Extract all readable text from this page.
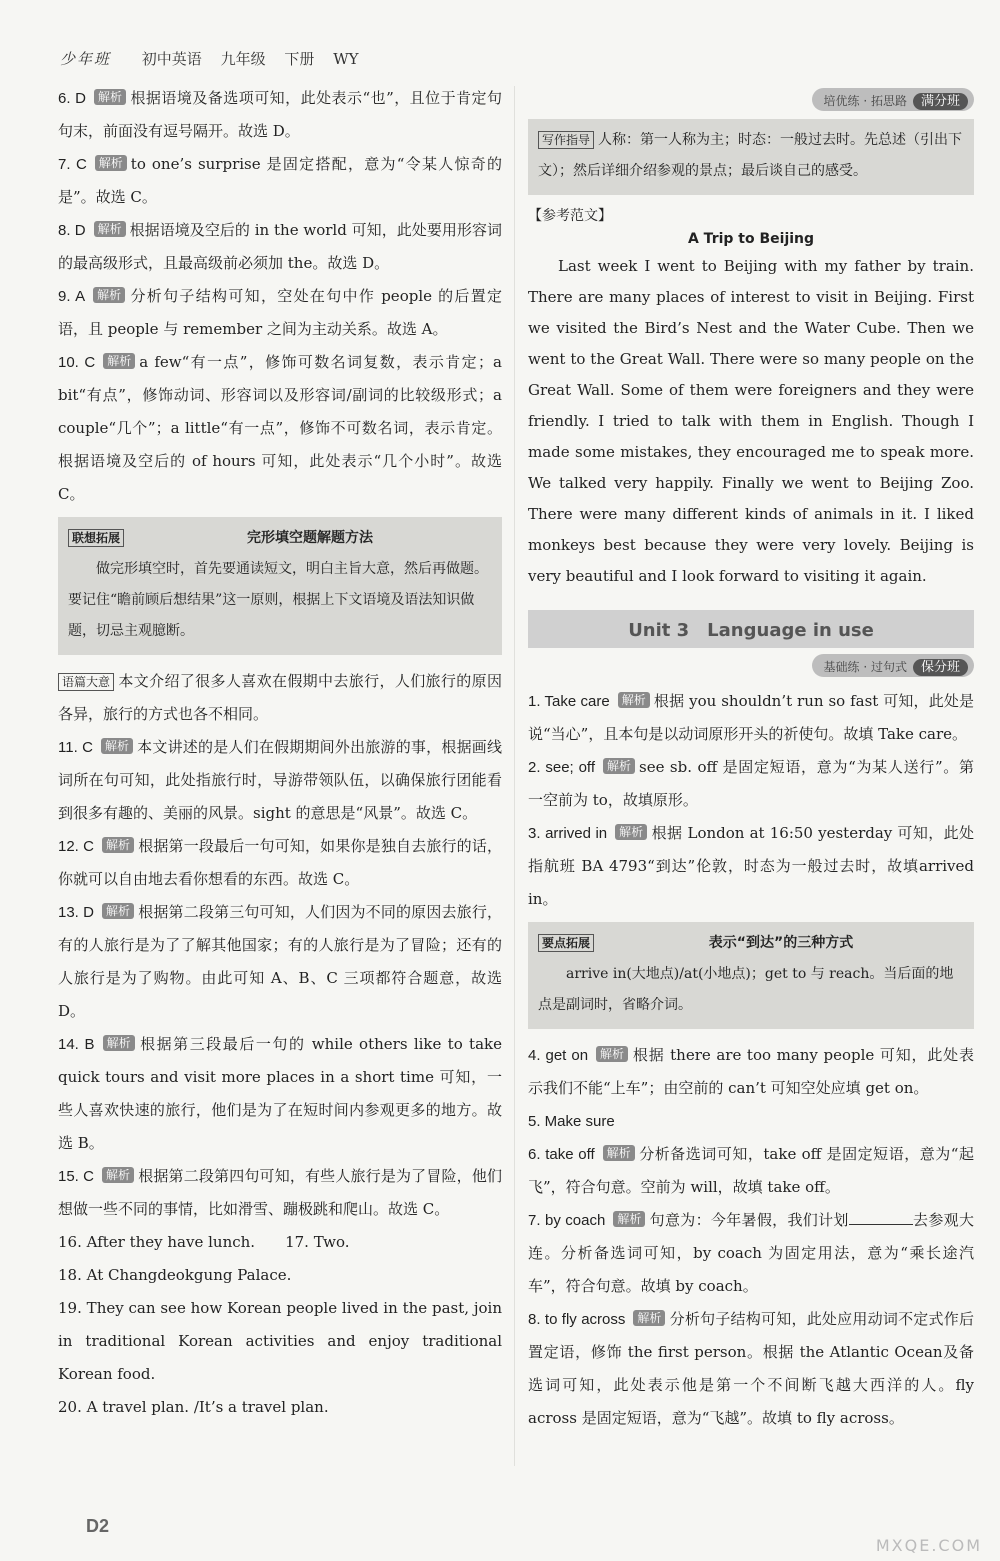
少年班 初中英语 九年级 下册 WY
6. D 解析 根据语境及备选项可知，此处表示“也”，且位于肯定句句末，前面没有逗号隔开。故选 D。
7. C 解析 to one’s surprise 是固定搭配，意为“令某人惊奇的是”。故选 C。
8. D 解析 根据语境及空后的 in the world 可知，此处要用形容词的最高级形式，且最高级前必须加 the。故选 D。
9. A 解析 分析句子结构可知，空处在句中作 people 的后置定语，且 people 与 remember 之间为主动关系。故选 A。
10. C 解析 a few“有一点”，修饰可数名词复数，表示肯定；a bit“有点”，修饰动词、形容词以及形容词/副词的比较级形式；a couple“几个”；a little“有一点”，修饰不可数名词，表示肯定。根据语境及空后的 of hours 可知，此处表示“几个小时”。故选 C。
联想拓展	完形填空题解题方法

做完形填空时，首先要通读短文，明白主旨大意，然后再做题。要记住“瞻前顾后想结果”这一原则，根据上下文语境及语法知识做题，切忌主观臆断。

语篇大意 本文介绍了很多人喜欢在假期中去旅行，人们旅行的原因各异，旅行的方式也各不相同。
11. C 解析 本文讲述的是人们在假期期间外出旅游的事，根据画线词所在句可知，此处指旅行时，导游带领队伍，以确保旅行团能看到很多有趣的、美丽的风景。sight 的意思是“风景”。故选 C。
12. C 解析 根据第一段最后一句可知，如果你是独自去旅行的话，你就可以自由地去看你想看的东西。故选 C。
13. D 解析 根据第二段第三句可知，人们因为不同的原因去旅行，有的人旅行是为了了解其他国家；有的人旅行是为了冒险；还有的人旅行是为了购物。由此可知 A、B、C 三项都符合题意，故选 D。
14. B 解析 根据第三段最后一句的 while others like to take quick tours and visit more places in a short time 可知，一些人喜欢快速的旅行，他们是为了在短时间内参观更多的地方。故选 B。
15. C 解析 根据第二段第四句可知，有些人旅行是为了冒险，他们想做一些不同的事情，比如滑雪、蹦极跳和爬山。故选 C。
16. After they have lunch.　　17. Two.
18. At Changdeokgung Palace.
19. They can see how Korean people lived in the past, join in traditional Korean activities and enjoy traditional Korean food.
20. A travel plan. /It’s a travel plan.
培优练 · 拓思路 满分班
写作指导 人称：第一人称为主；时态：一般过去时。先总述（引出下文）；然后详细介绍参观的景点；最后谈自己的感受。
【参考范文】
A Trip to Beijing

Last week I went to Beijing with my father by train. There are many places of interest to visit in Beijing. First we visited the Bird’s Nest and the Water Cube. Then we went to the Great Wall. There were so many people on the Great Wall. Some of them were foreigners and they were friendly. I tried to talk with them in English. Though I made some mistakes, they encouraged me to speak more. We talked very happily. Finally we went to Beijing Zoo. There were many different kinds of animals in it. I liked monkeys best because they were very lovely. Beijing is very beautiful and I look forward to visiting it again.

Unit 3　Language in use
基础练 · 过句式 保分班
1. Take care 解析 根据 you shouldn’t run so fast 可知，此处是说“当心”，且本句是以动词原形开头的祈使句。故填 Take care。
2. see; off 解析 see sb. off 是固定短语，意为“为某人送行”。第一空前为 to，故填原形。
3. arrived in 解析 根据 London at 16:50 yesterday 可知，此处指航班 BA 4793“到达”伦敦，时态为一般过去时，故填arrived in。
要点拓展	表示“到达”的三种方式

arrive in(大地点)/at(小地点)；get to 与 reach。当后面的地点是副词时，省略介词。

4. get on 解析 根据 there are too many people 可知，此处表示我们不能“上车”；由空前的 can’t 可知空处应填 get on。
5. Make sure
6. take off 解析 分析备选词可知，take off 是固定短语，意为“起飞”，符合句意。空前为 will，故填 take off。
7. by coach 解析 句意为：今年暑假，我们计划	去参观大连。分析备选词可知，by coach 为固定用法，意为“乘长途汽车”，符合句意。故填 by coach。
8. to fly across 解析 分析句子结构可知，此处应用动词不定式作后置定语，修饰 the first person。根据 the Atlantic Ocean及备选词可知，此处表示他是第一个不间断飞越大西洋的人。fly across 是固定短语，意为“飞越”。故填 to fly across。
D2
MXQE.COM
